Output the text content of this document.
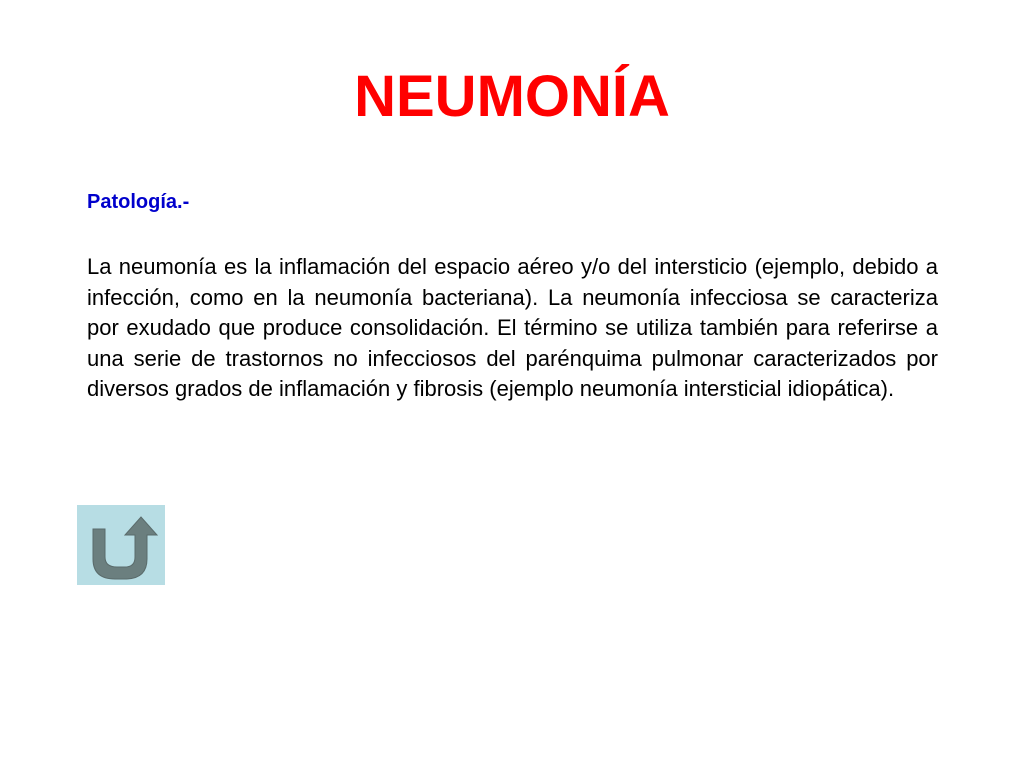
NEUMONÍA

Patología.-

La neumonía es la inflamación del espacio aéreo y/o del intersticio (ejemplo, debido a infección, como en la neumonía bacteriana). La neumonía infecciosa se caracteriza por exudado que produce consolidación. El término se utiliza también para referirse a una serie de trastornos no infecciosos del parénquima pulmonar caracterizados por diversos grados de inflamación y fibrosis (ejemplo neumonía intersticial idiopática).
